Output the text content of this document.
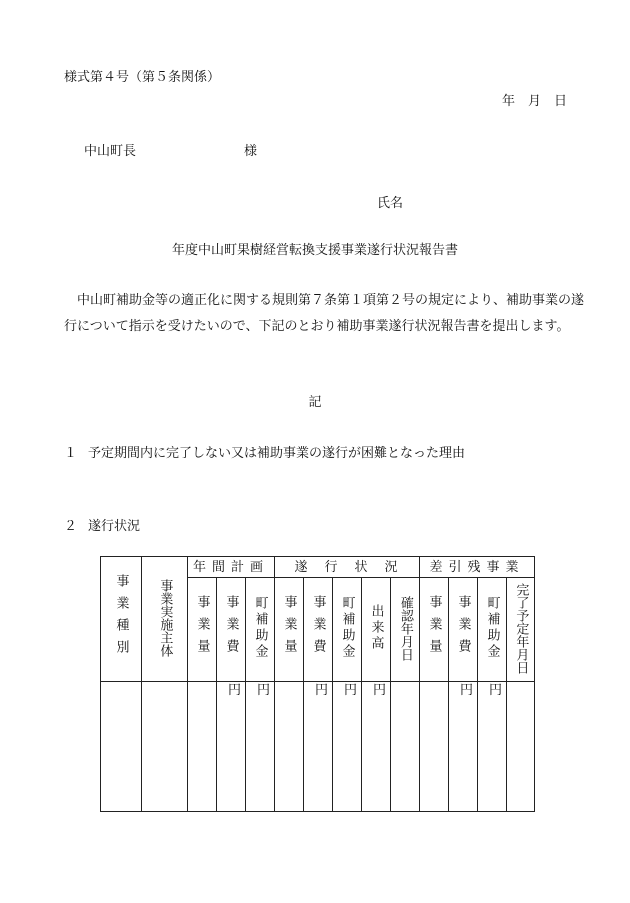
様式第４号（第５条関係）
年　月　日
中山町長	様
氏名
年度中山町果樹経営転換支援事業遂行状況報告書
　中山町補助金等の適正化に関する規則第７条第１項第２号の規定により、補助事業の遂行について指示を受けたいので、下記のとおり補助事業遂行状況報告書を提出します。
記
１ 予定期間内に完了しない又は補助事業の遂行が困難となった理由
２ 遂行状況
事業種別	事業実施主体	年間計画			遂　行　状　況					差引残事業			
		事業量	事業費	町補助金	事業量	事業費	町補助金	出来高	確認年月日	事業量	事業費	町補助金	完了予定年月日

			円	円		円	円	円			円	円	
